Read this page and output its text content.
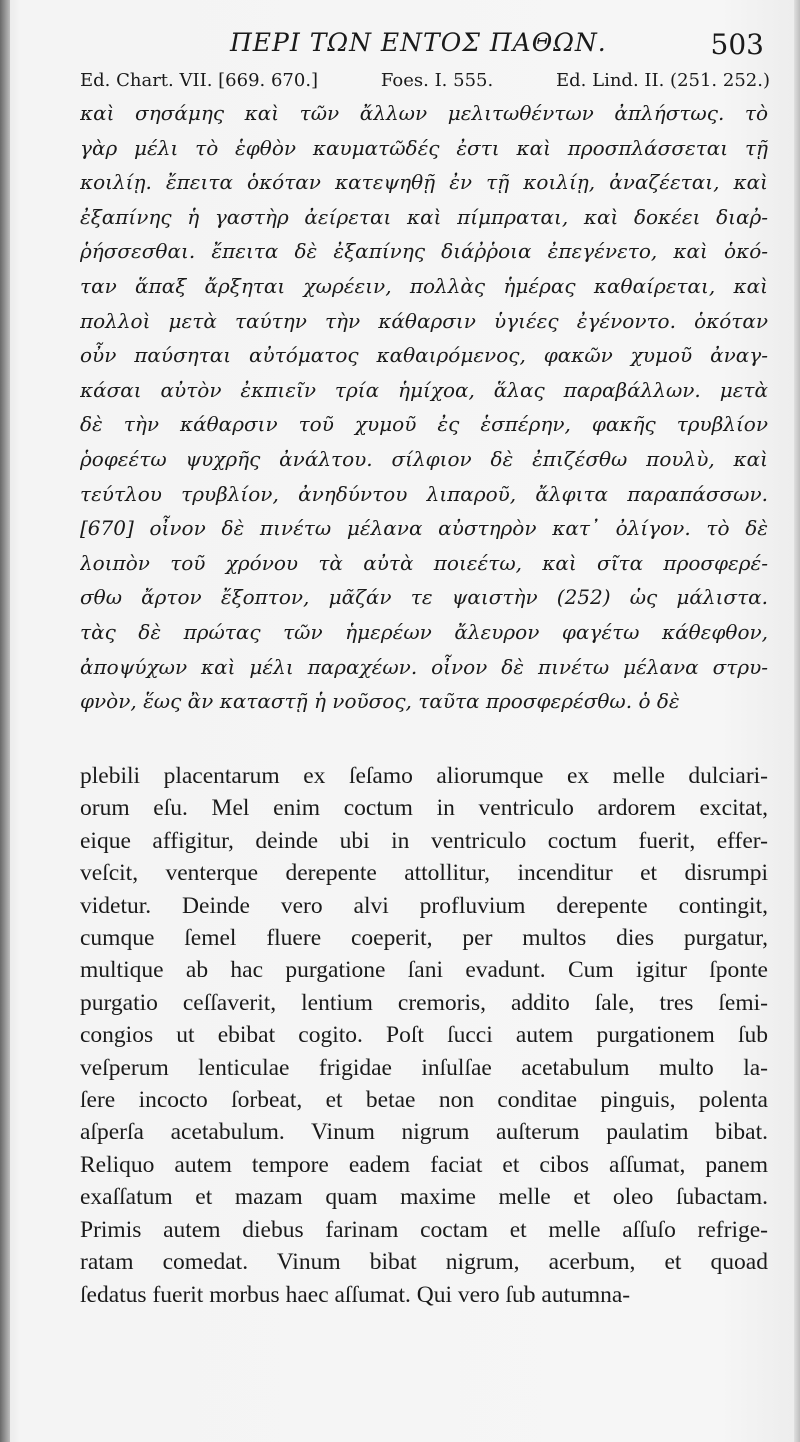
ΠΕΡΙ ΤΩΝ ΕΝΤΟΣ ΠΑΘΩΝ.	503
Ed. Chart. VII. [669. 670.]	Foes. I. 555.	Ed. Lind. II. (251. 252.)
καὶ σησάμης καὶ τῶν ἄλλων μελιτωθέντων ἀπλήστως. τὸ
γὰρ μέλι τὸ ἑφθὸν καυματῶδές ἐστι καὶ προσπλάσσεται τῇ
κοιλίῃ. ἔπειτα ὁκόταν κατεψηθῇ ἐν τῇ κοιλίῃ, ἀναζέεται, καὶ
ἐξαπίνης ἡ γαστὴρ ἀείρεται καὶ πίμπραται, καὶ δοκέει διαῤ-
ῥήσσεσθαι. ἔπειτα δὲ ἐξαπίνης διάῤῥοια ἐπεγένετο, καὶ ὁκό-
ταν ἅπαξ ἄρξηται χωρέειν, πολλὰς ἡμέρας καθαίρεται, καὶ
πολλοὶ μετὰ ταύτην τὴν κάθαρσιν ὑγιέες ἐγένοντο. ὁκόταν
οὖν παύσηται αὐτόματος καθαιρόμενος, φακῶν χυμοῦ ἀναγ-
κάσαι αὐτὸν ἐκπιεῖν τρία ἡμίχοα, ἅλας παραβάλλων. μετὰ
δὲ τὴν κάθαρσιν τοῦ χυμοῦ ἐς ἑσπέρην, φακῆς τρυβλίον
ῥοφεέτω ψυχρῆς ἀνάλτου. σίλφιον δὲ ἐπιζέσθω πουλὺ, καὶ
τεύτλου τρυβλίον, ἀνηδύντου λιπαροῦ, ἄλφιτα παραπάσσων.
[670] οἶνον δὲ πινέτω μέλανα αὐστηρὸν κατ᾽ ὀλίγον. τὸ δὲ
λοιπὸν τοῦ χρόνου τὰ αὐτὰ ποιεέτω, καὶ σῖτα προσφερέ-
σθω ἄρτον ἔξοπτον, μᾶζάν τε ψαιστὴν (252) ὡς μάλιστα.
τὰς δὲ πρώτας τῶν ἡμερέων ἄλευρον φαγέτω κάθεφθον,
ἀποψύχων καὶ μέλι παραχέων. οἶνον δὲ πινέτω μέλανα στρυ-
φνὸν, ἕως ἂν καταστῇ ἡ νοῦσος, ταῦτα προσφερέσθω. ὁ δὲ
plebili placentarum ex ſeſamo aliorumque ex melle dulciari-
orum eſu. Mel enim coctum in ventriculo ardorem excitat,
eique affigitur, deinde ubi in ventriculo coctum fuerit, effer-
veſcit, venterque derepente attollitur, incenditur et disrumpi
videtur. Deinde vero alvi profluvium derepente contingit,
cumque ſemel fluere coeperit, per multos dies purgatur,
multique ab hac purgatione ſani evadunt. Cum igitur ſponte
purgatio ceſſaverit, lentium cremoris, addito ſale, tres ſemi-
congios ut ebibat cogito. Poſt ſucci autem purgationem ſub
veſperum lenticulae frigidae inſulſae acetabulum multo la-
ſere incocto ſorbeat, et betae non conditae pinguis, polenta
aſperſa acetabulum. Vinum nigrum auſterum paulatim bibat.
Reliquo autem tempore eadem faciat et cibos aſſumat, panem
exaſſatum et mazam quam maxime melle et oleo ſubactam.
Primis autem diebus farinam coctam et melle aſſuſo refrige-
ratam comedat. Vinum bibat nigrum, acerbum, et quoad
ſedatus fuerit morbus haec aſſumat. Qui vero ſub autumna-
